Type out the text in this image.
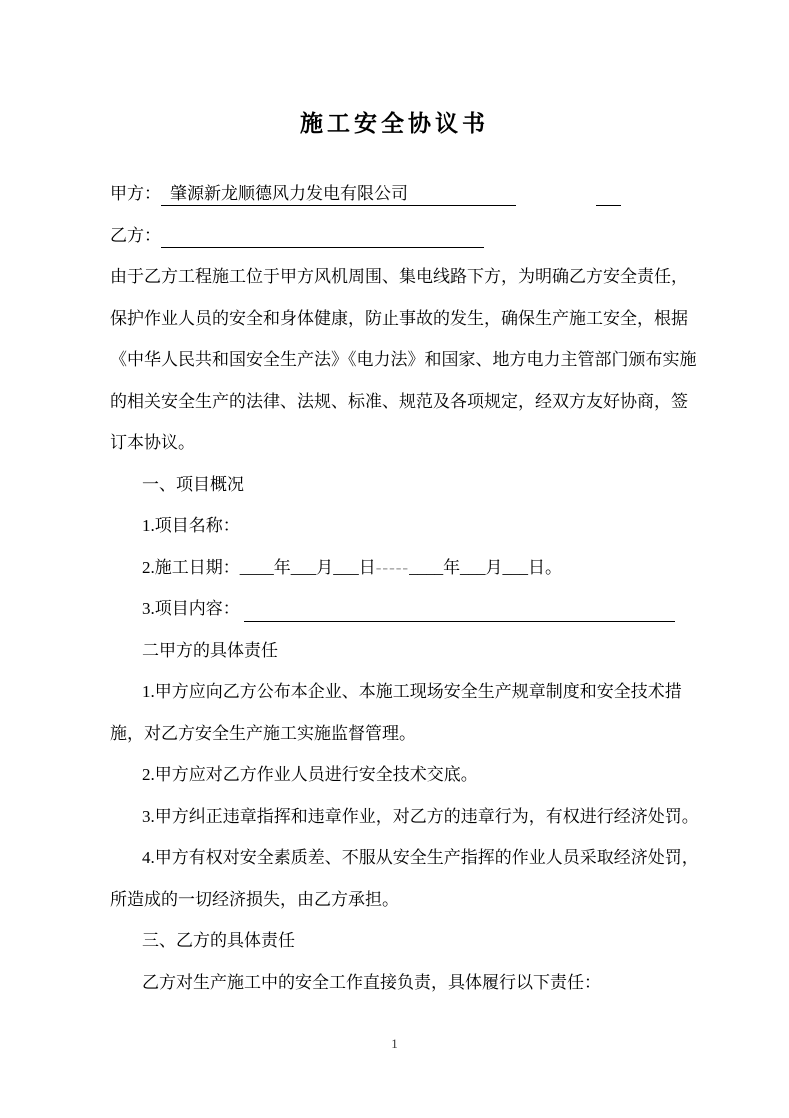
施工安全协议书
甲方： 肇源新龙顺德风力发电有限公司
乙方：
由于乙方工程施工位于甲方风机周围、集电线路下方，为明确乙方安全责任，
保护作业人员的安全和身体健康，防止事故的发生，确保生产施工安全，根据
《中华人民共和国安全生产法》《电力法》和国家、地方电力主管部门颁布实施
的相关安全生产的法律、法规、标准、规范及各项规定，经双方友好协商，签
订本协议。
一、项目概况
1.项目名称：
2.施工日期：____年___月___日-----____年___月___日。
3.项目内容：
二甲方的具体责任
1.甲方应向乙方公布本企业、本施工现场安全生产规章制度和安全技术措
施，对乙方安全生产施工实施监督管理。
2.甲方应对乙方作业人员进行安全技术交底。
3.甲方纠正违章指挥和违章作业，对乙方的违章行为，有权进行经济处罚。
4.甲方有权对安全素质差、不服从安全生产指挥的作业人员采取经济处罚，
所造成的一切经济损失，由乙方承担。
三、乙方的具体责任
乙方对生产施工中的安全工作直接负责，具体履行以下责任：
1
